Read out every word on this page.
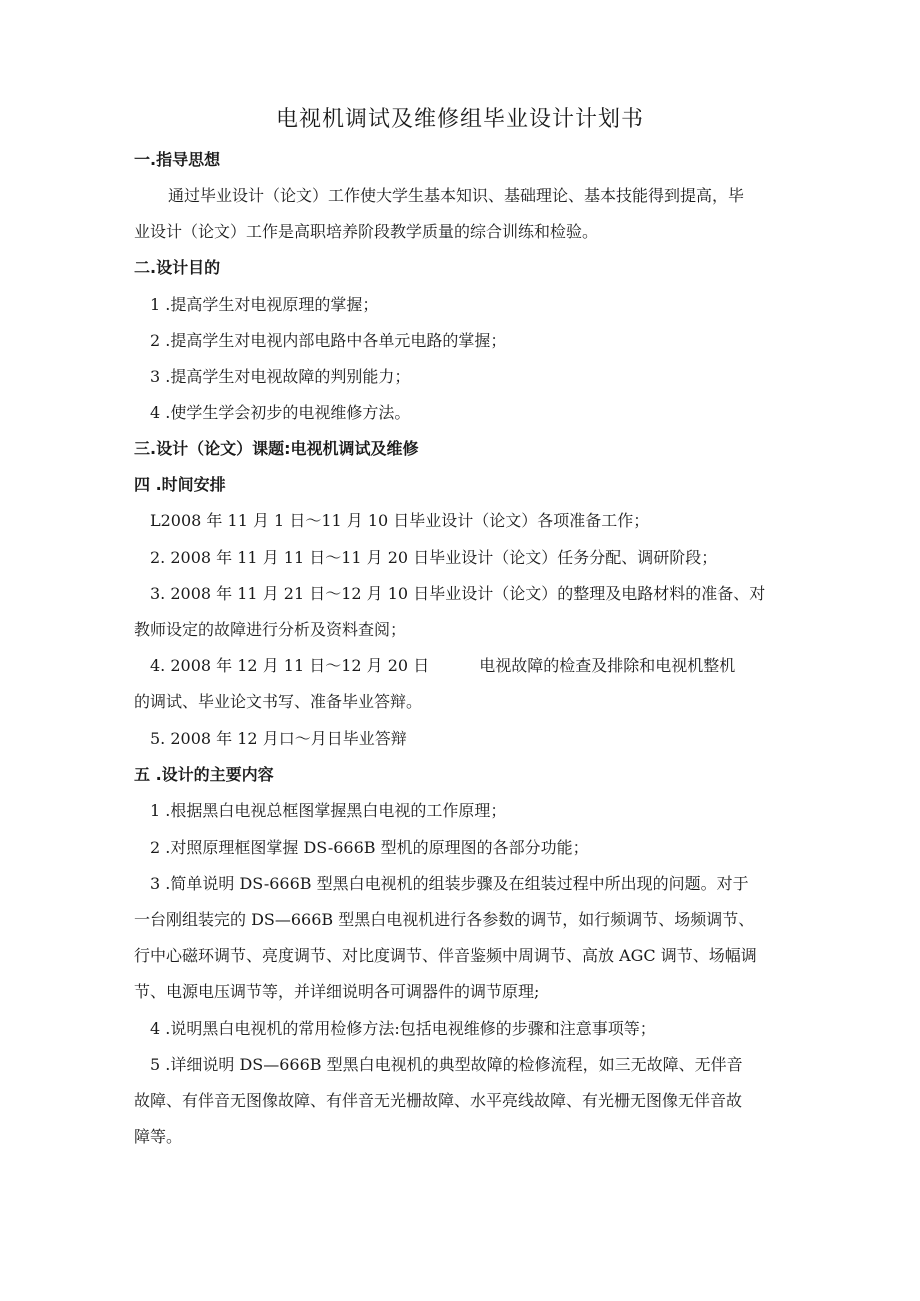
电视机调试及维修组毕业设计计划书
一.指导思想
通过毕业设计（论文）工作使大学生基本知识、基础理论、基本技能得到提高，毕
业设计（论文）工作是高职培养阶段教学质量的综合训练和检验。
二.设计目的
1 .提高学生对电视原理的掌握；
2 .提高学生对电视内部电路中各单元电路的掌握；
3 .提高学生对电视故障的判别能力；
4 .使学生学会初步的电视维修方法。
三.设计（论文）课题:电视机调试及维修
四 .时间安排
L2008 年 11 月 1 日～11 月 10 日毕业设计（论文）各项准备工作；
2. 2008 年 11 月 11 日～11 月 20 日毕业设计（论文）任务分配、调研阶段；
3. 2008 年 11 月 21 日～12 月 10 日毕业设计（论文）的整理及电路材料的准备、对
教师设定的故障进行分析及资料查阅；
4. 2008 年 12 月 11 日～12 月 20 日	电视故障的检查及排除和电视机整机
的调试、毕业论文书写、准备毕业答辩。
5. 2008 年 12 月口～月日毕业答辩
五 .设计的主要内容
1 .根据黑白电视总框图掌握黑白电视的工作原理；
2 .对照原理框图掌握 DS-666B 型机的原理图的各部分功能；
3 .简单说明 DS-666B 型黑白电视机的组装步骤及在组装过程中所出现的问题。对于
一台刚组装完的 DS—666B 型黑白电视机进行各参数的调节，如行频调节、场频调节、
行中心磁环调节、亮度调节、对比度调节、伴音鉴频中周调节、高放 AGC 调节、场幅调
节、电源电压调节等，并详细说明各可调器件的调节原理;
4 .说明黑白电视机的常用检修方法:包括电视维修的步骤和注意事项等；
5 .详细说明 DS—666B 型黑白电视机的典型故障的检修流程，如三无故障、无伴音
故障、有伴音无图像故障、有伴音无光栅故障、水平亮线故障、有光栅无图像无伴音故
障等。
